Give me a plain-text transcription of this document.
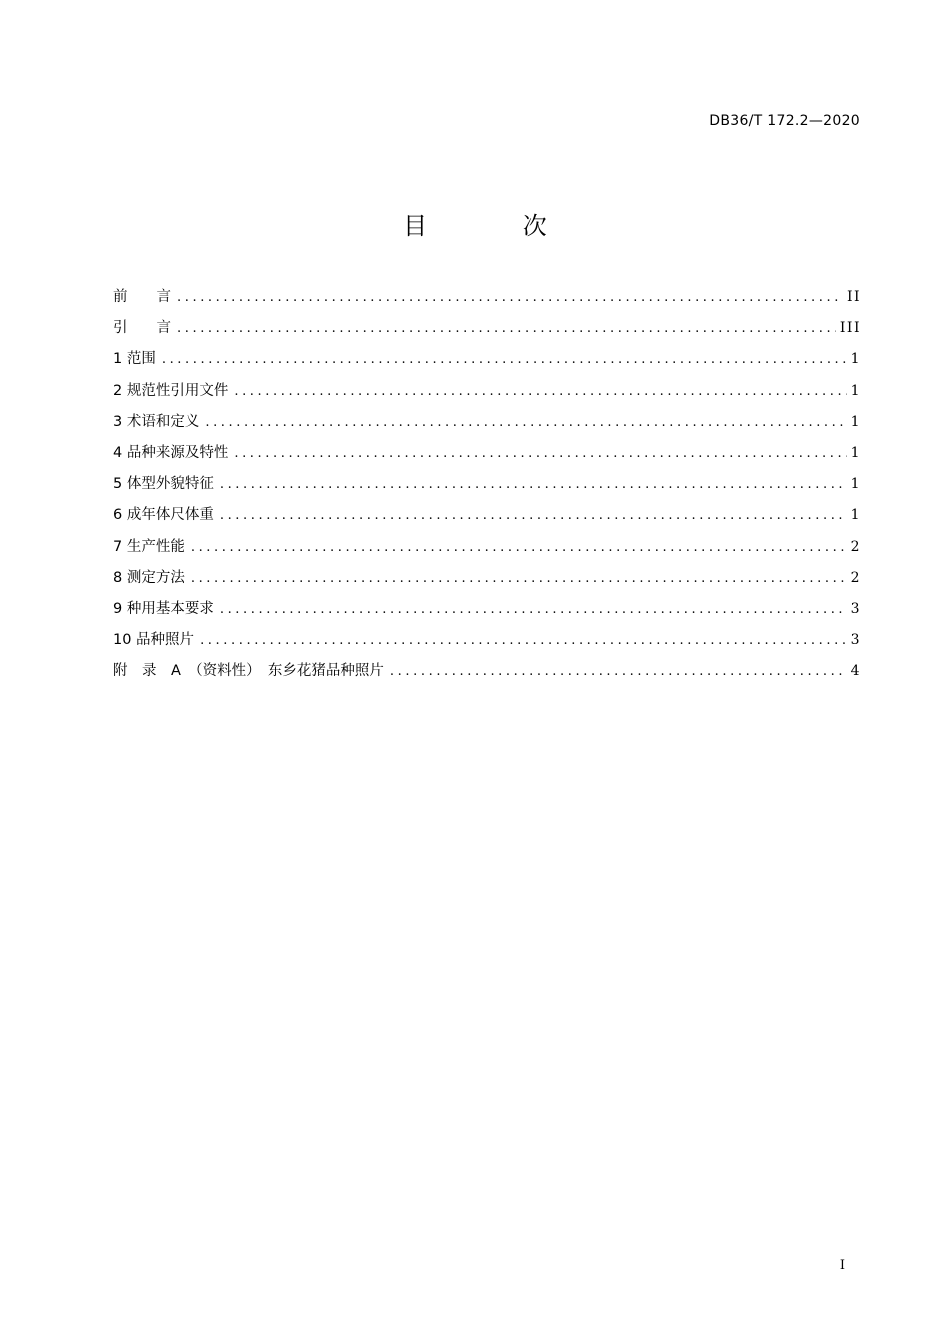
DB36/T 172.2—2020
目 次
前　　言 .....	II
引　　言 .....	III
1 范围 .....	1
2 规范性引用文件 .....	1
3 术语和定义 .....	1
4 品种来源及特性 .....	1
5 体型外貌特征 .....	1
6 成年体尺体重 .....	1
7 生产性能 .....	2
8 测定方法 .....	2
9 种用基本要求 .....	3
10 品种照片 .....	3
附　录　A　（资料性）　东乡花猪品种照片 .....	4
I
